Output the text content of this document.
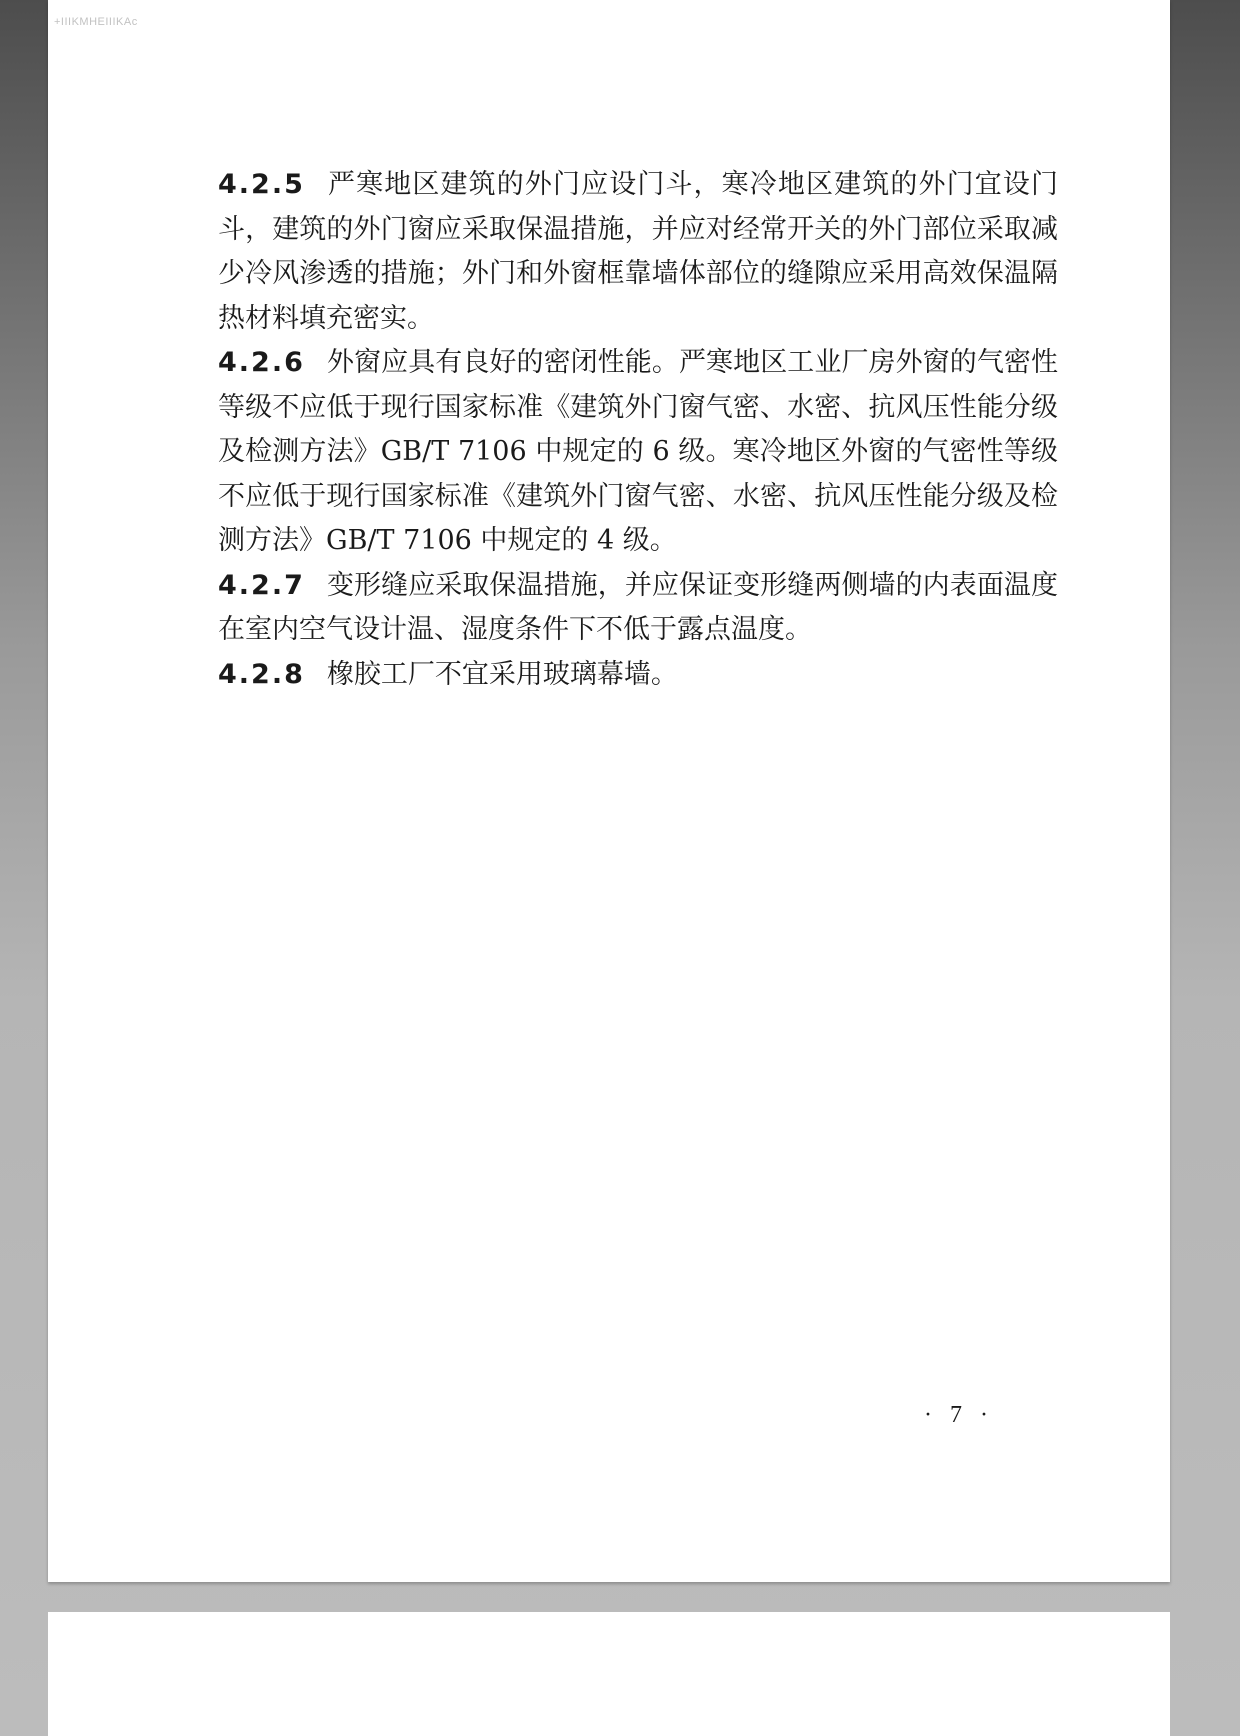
+IIIKMHEIIIKAc

4.2.5 严寒地区建筑的外门应设门斗，寒冷地区建筑的外门宜设门斗，建筑的外门窗应采取保温措施，并应对经常开关的外门部位采取减少冷风渗透的措施；外门和外窗框靠墙体部位的缝隙应采用高效保温隔热材料填充密实。

4.2.6 外窗应具有良好的密闭性能。严寒地区工业厂房外窗的气密性等级不应低于现行国家标准《建筑外门窗气密、水密、抗风压性能分级及检测方法》GB/T 7106 中规定的 6 级。寒冷地区外窗的气密性等级不应低于现行国家标准《建筑外门窗气密、水密、抗风压性能分级及检测方法》GB/T 7106 中规定的 4 级。

4.2.7 变形缝应采取保温措施，并应保证变形缝两侧墙的内表面温度在室内空气设计温、湿度条件下不低于露点温度。

4.2.8 橡胶工厂不宜采用玻璃幕墙。

· 7 ·
